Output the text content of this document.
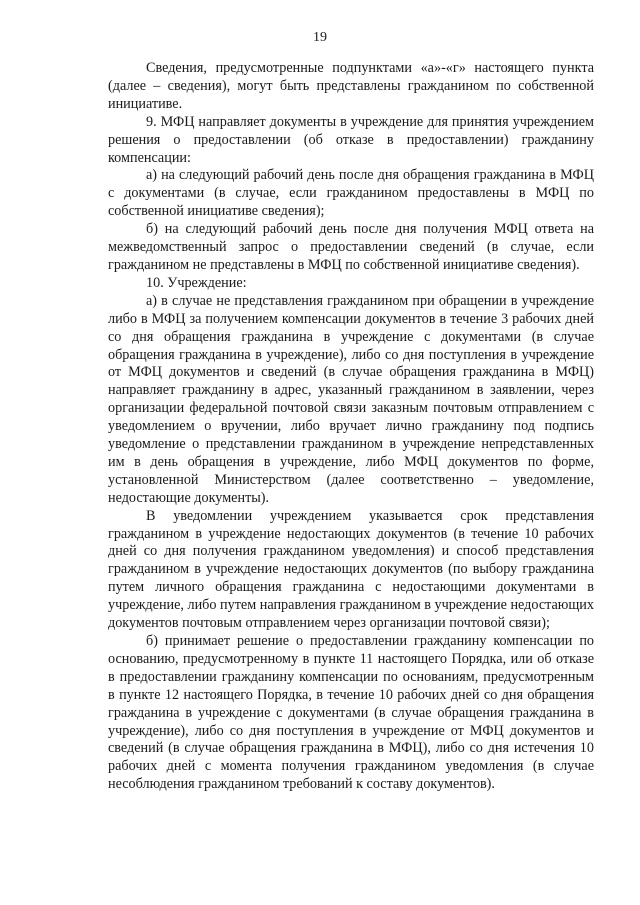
19

Сведения, предусмотренные подпунктами «а»-«г» настоящего пункта (далее – сведения), могут быть представлены гражданином по собственной инициативе.

9. МФЦ направляет документы в учреждение для принятия учреждением решения о предоставлении (об отказе в предоставлении) гражданину компенсации:

а) на следующий рабочий день после дня обращения гражданина в МФЦ с документами (в случае, если гражданином предоставлены в МФЦ по собственной инициативе сведения);

б) на следующий рабочий день после дня получения МФЦ ответа на межведомственный запрос о предоставлении сведений (в случае, если гражданином не представлены в МФЦ по собственной инициативе сведения).

10. Учреждение:

а) в случае не представления гражданином при обращении в учреждение либо в МФЦ за получением компенсации документов в течение 3 рабочих дней со дня обращения гражданина в учреждение с документами (в случае обращения гражданина в учреждение), либо со дня поступления в учреждение от МФЦ документов и сведений (в случае обращения гражданина в МФЦ) направляет гражданину в адрес, указанный гражданином в заявлении, через организации федеральной почтовой связи заказным почтовым отправлением с уведомлением о вручении, либо вручает лично гражданину под подпись уведомление о представлении гражданином в учреждение непредставленных им в день обращения в учреждение, либо МФЦ документов по форме, установленной Министерством (далее соответственно – уведомление, недостающие документы).

В уведомлении учреждением указывается срок представления гражданином в учреждение недостающих документов (в течение 10 рабочих дней со дня получения гражданином уведомления) и способ представления гражданином в учреждение недостающих документов (по выбору гражданина путем личного обращения гражданина с недостающими документами в учреждение, либо путем направления гражданином в учреждение недостающих документов почтовым отправлением через организации почтовой связи);

б) принимает решение о предоставлении гражданину компенсации по основанию, предусмотренному в пункте 11 настоящего Порядка, или об отказе в предоставлении гражданину компенсации по основаниям, предусмотренным в пункте 12 настоящего Порядка, в течение 10 рабочих дней со дня обращения гражданина в учреждение с документами (в случае обращения гражданина в учреждение), либо со дня поступления в учреждение от МФЦ документов и сведений (в случае обращения гражданина в МФЦ), либо со дня истечения 10 рабочих дней с момента получения гражданином уведомления (в случае несоблюдения гражданином требований к составу документов).
